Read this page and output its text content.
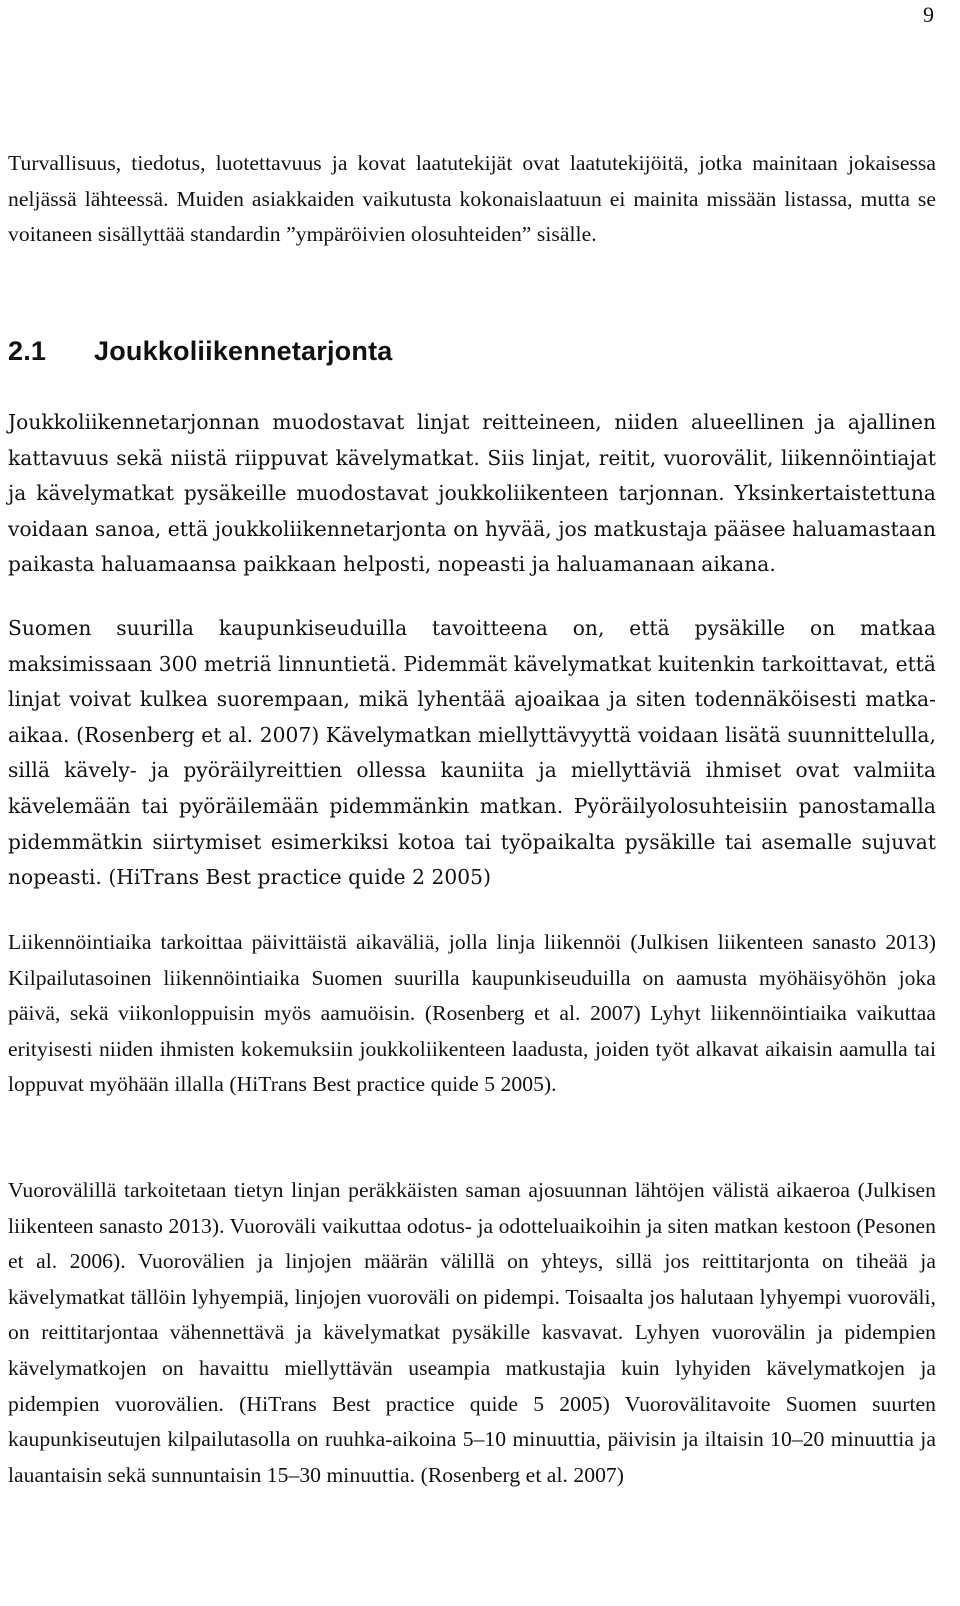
9

Turvallisuus, tiedotus, luotettavuus ja kovat laatutekijät ovat laatutekijöitä, jotka mainitaan jokaisessa neljässä lähteessä. Muiden asiakkaiden vaikutusta kokonaislaatuun ei mainita missään listassa, mutta se voitaneen sisällyttää standardin ”ympäröivien olosuhteiden” sisälle.

2.1 Joukkoliikennetarjonta

Joukkoliikennetarjonnan muodostavat linjat reitteineen, niiden alueellinen ja ajallinen kattavuus sekä niistä riippuvat kävelymatkat. Siis linjat, reitit, vuorovälit, liikennöintiajat ja kävelymatkat pysäkeille muodostavat joukkoliikenteen tarjonnan. Yksinkertaistettuna voidaan sanoa, että joukkoliikennetarjonta on hyvää, jos matkustaja pääsee haluamastaan paikasta haluamaansa paikkaan helposti, nopeasti ja haluamanaan aikana.

Suomen suurilla kaupunkiseuduilla tavoitteena on, että pysäkille on matkaa maksimissaan 300 metriä linnuntietä. Pidemmät kävelymatkat kuitenkin tarkoittavat, että linjat voivat kulkea suorempaan, mikä lyhentää ajoaikaa ja siten todennäköisesti matka-aikaa. (Rosenberg et al. 2007) Kävelymatkan miellyttävyyttä voidaan lisätä suunnittelulla, sillä kävely- ja pyöräilyreittien ollessa kauniita ja miellyttäviä ihmiset ovat valmiita kävelemään tai pyöräilemään pidemmänkin matkan. Pyöräilyolosuhteisiin panostamalla pidemmätkin siirtymiset esimerkiksi kotoa tai työpaikalta pysäkille tai asemalle sujuvat nopeasti. (HiTrans Best practice quide 2 2005)

Liikennöintiaika tarkoittaa päivittäistä aikaväliä, jolla linja liikennöi (Julkisen liikenteen sanasto 2013) Kilpailutasoinen liikennöintiaika Suomen suurilla kaupunkiseuduilla on aamusta myöhäisyöhön joka päivä, sekä viikonloppuisin myös aamuöisin. (Rosenberg et al. 2007) Lyhyt liikennöintiaika vaikuttaa erityisesti niiden ihmisten kokemuksiin joukkoliikenteen laadusta, joiden työt alkavat aikaisin aamulla tai loppuvat myöhään illalla (HiTrans Best practice quide 5 2005).

Vuorovälillä tarkoitetaan tietyn linjan peräkkäisten saman ajosuunnan lähtöjen välistä aikaeroa (Julkisen liikenteen sanasto 2013). Vuoroväli vaikuttaa odotus- ja odotteluaikoihin ja siten matkan kestoon (Pesonen et al. 2006). Vuorovälien ja linjojen määrän välillä on yhteys, sillä jos reittitarjonta on tiheää ja kävelymatkat tällöin lyhyempiä, linjojen vuoroväli on pidempi. Toisaalta jos halutaan lyhyempi vuoroväli, on reittitarjontaa vähennettävä ja kävelymatkat pysäkille kasvavat. Lyhyen vuorovälin ja pidempien kävelymatkojen on havaittu miellyttävän useampia matkustajia kuin lyhyiden kävelymatkojen ja pidempien vuorovälien. (HiTrans Best practice quide 5 2005) Vuorovälitavoite Suomen suurten kaupunkiseutujen kilpailutasolla on ruuhka-aikoina 5–10 minuuttia, päivisin ja iltaisin 10–20 minuuttia ja lauantaisin sekä sunnuntaisin 15–30 minuuttia. (Rosenberg et al. 2007)
